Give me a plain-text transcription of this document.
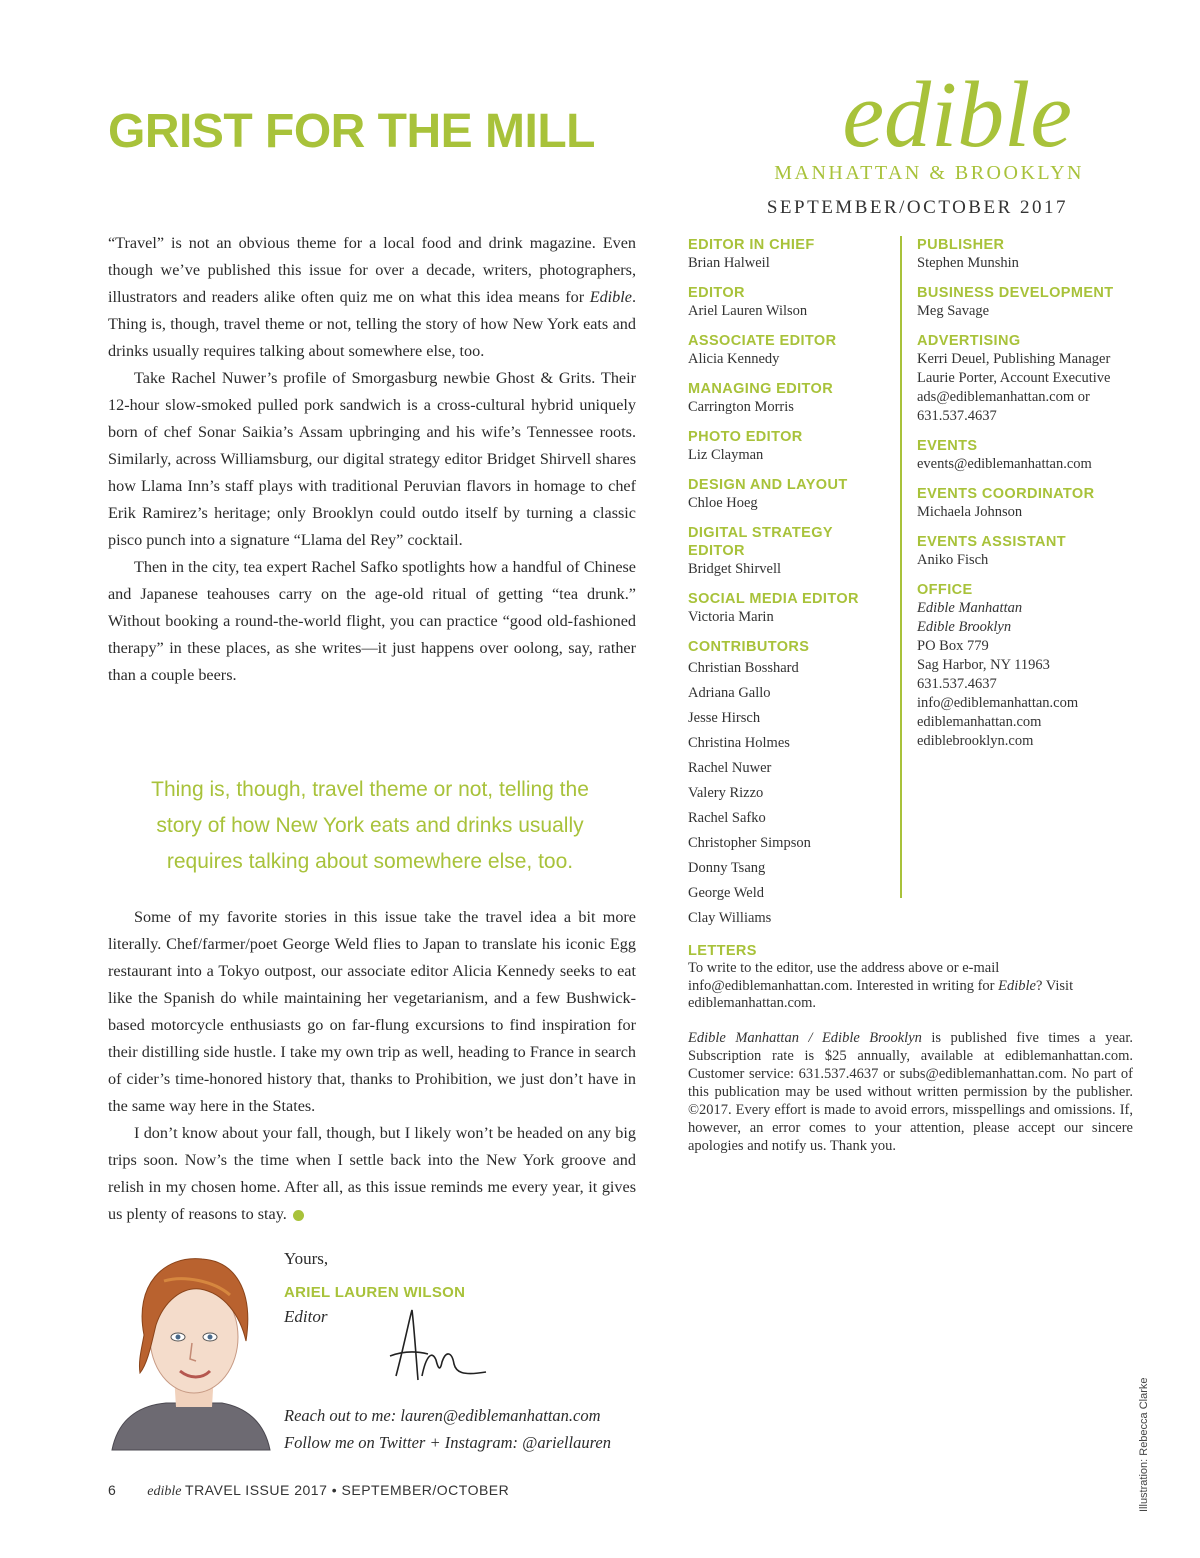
GRIST FOR THE MILL	edible
MANHATTAN & BROOKLYN
SEPTEMBER/OCTOBER 2017

“Travel” is not an obvious theme for a local food and drink magazine. Even though we’ve published this issue for over a decade, writers, photographers, illustrators and readers alike often quiz me on what this idea means for Edible. Thing is, though, travel theme or not, telling the story of how New York eats and drinks usually requires talking about somewhere else, too.

Take Rachel Nuwer’s profile of Smorgasburg newbie Ghost & Grits. Their 12-hour slow-smoked pulled pork sandwich is a cross-cultural hybrid uniquely born of chef Sonar Saikia’s Assam upbringing and his wife’s Tennessee roots. Similarly, across Williamsburg, our digital strategy editor Bridget Shirvell shares how Llama Inn’s staff plays with traditional Peruvian flavors in homage to chef Erik Ramirez’s heritage; only Brooklyn could outdo itself by turning a classic pisco punch into a signature “Llama del Rey” cocktail.

Then in the city, tea expert Rachel Safko spotlights how a handful of Chinese and Japanese teahouses carry on the age-old ritual of getting “tea drunk.” Without booking a round-the-world flight, you can practice “good old-fashioned therapy” in these places, as she writes—it just happens over oolong, say, rather than a couple beers.

Thing is, though, travel theme or not, telling the story of how New York eats and drinks usually requires talking about somewhere else, too.

Some of my favorite stories in this issue take the travel idea a bit more literally. Chef/farmer/poet George Weld flies to Japan to translate his iconic Egg restaurant into a Tokyo outpost, our associate editor Alicia Kennedy seeks to eat like the Spanish do while maintaining her vegetarianism, and a few Bushwick-based motorcycle enthusiasts go on far-flung excursions to find inspiration for their distilling side hustle. I take my own trip as well, heading to France in search of cider’s time-honored history that, thanks to Prohibition, we just don’t have in the same way here in the States.

I don’t know about your fall, though, but I likely won’t be headed on any big trips soon. Now’s the time when I settle back into the New York groove and relish in my chosen home. After all, as this issue reminds me every year, it gives us plenty of reasons to stay.	e

Yours,
ARIEL LAUREN WILSON
Editor
Reach out to me: lauren@ediblemanhattan.com
Follow me on Twitter + Instagram: @ariellauren
6 edible TRAVEL ISSUE 2017 • SEPTEMBER/OCTOBER
EDITOR IN CHIEF
Brian Halweil
EDITOR
Ariel Lauren Wilson
ASSOCIATE EDITOR
Alicia Kennedy
MANAGING EDITOR
Carrington Morris
PHOTO EDITOR
Liz Clayman
DESIGN AND LAYOUT
Chloe Hoeg
DIGITAL STRATEGY EDITOR
Bridget Shirvell
SOCIAL MEDIA EDITOR
Victoria Marin
CONTRIBUTORS
Christian Bosshard
Adriana Gallo
Jesse Hirsch
Christina Holmes
Rachel Nuwer
Valery Rizzo
Rachel Safko
Christopher Simpson
Donny Tsang
George Weld
Clay Williams
PUBLISHER
Stephen Munshin
BUSINESS DEVELOPMENT
Meg Savage
ADVERTISING
Kerri Deuel, Publishing Manager
Laurie Porter, Account Executive
ads@ediblemanhattan.com or
631.537.4637
EVENTS
events@ediblemanhattan.com
EVENTS COORDINATOR
Michaela Johnson
EVENTS ASSISTANT
Aniko Fisch
OFFICE
Edible Manhattan
Edible Brooklyn
PO Box 779
Sag Harbor, NY 11963
631.537.4637
info@ediblemanhattan.com
ediblemanhattan.com
ediblebrooklyn.com
LETTERS
To write to the editor, use the address above or e-mail info@ediblemanhattan.com. Interested in writing for Edible? Visit ediblemanhattan.com.
Edible Manhattan / Edible Brooklyn is published five times a year. Subscription rate is $25 annually, available at ediblemanhattan.com. Customer service: 631.537.4637 or subs@ediblemanhattan.com. No part of this publication may be used without written permission by the publisher. ©2017. Every effort is made to avoid errors, misspellings and omissions. If, however, an error comes to your attention, please accept our sincere apologies and notify us. Thank you.
Illustration: Rebecca Clarke
